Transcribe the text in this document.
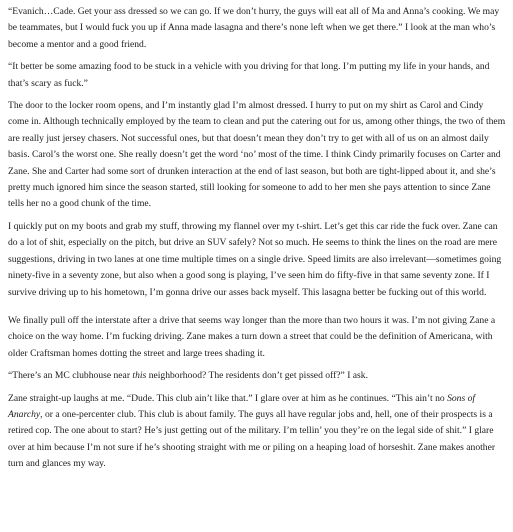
“Evanich…Cade. Get your ass dressed so we can go. If we don’t hurry, the guys will eat all of Ma and Anna’s cooking. We may be teammates, but I would fuck you up if Anna made lasagna and there’s none left when we get there.” I look at the man who’s become a mentor and a good friend.

“It better be some amazing food to be stuck in a vehicle with you driving for that long. I’m putting my life in your hands, and that’s scary as fuck.”

The door to the locker room opens, and I’m instantly glad I’m almost dressed. I hurry to put on my shirt as Carol and Cindy come in. Although technically employed by the team to clean and put the catering out for us, among other things, the two of them are really just jersey chasers. Not successful ones, but that doesn’t mean they don’t try to get with all of us on an almost daily basis. Carol’s the worst one. She really doesn’t get the word ‘no’ most of the time. I think Cindy primarily focuses on Carter and Zane. She and Carter had some sort of drunken interaction at the end of last season, but both are tight-lipped about it, and she’s pretty much ignored him since the season started, still looking for someone to add to her men she pays attention to since Zane tells her no a good chunk of the time.

I quickly put on my boots and grab my stuff, throwing my flannel over my t-shirt. Let’s get this car ride the fuck over. Zane can do a lot of shit, especially on the pitch, but drive an SUV safely? Not so much. He seems to think the lines on the road are mere suggestions, driving in two lanes at one time multiple times on a single drive. Speed limits are also irrelevant—sometimes going ninety-five in a seventy zone, but also when a good song is playing, I’ve seen him do fifty-five in that same seventy zone. If I survive driving up to his hometown, I’m gonna drive our asses back myself. This lasagna better be fucking out of this world.

We finally pull off the interstate after a drive that seems way longer than the more than two hours it was. I’m not giving Zane a choice on the way home. I’m fucking driving. Zane makes a turn down a street that could be the definition of Americana, with older Craftsman homes dotting the street and large trees shading it.

“There’s an MC clubhouse near this neighborhood? The residents don’t get pissed off?” I ask.

Zane straight-up laughs at me. “Dude. This club ain’t like that.” I glare over at him as he continues. “This ain’t no Sons of Anarchy, or a one-percenter club. This club is about family. The guys all have regular jobs and, hell, one of their prospects is a retired cop. The one about to start? He’s just getting out of the military. I’m tellin’ you they’re on the legal side of shit.” I glare over at him because I’m not sure if he’s shooting straight with me or piling on a heaping load of horseshit. Zane makes another turn and glances my way.
